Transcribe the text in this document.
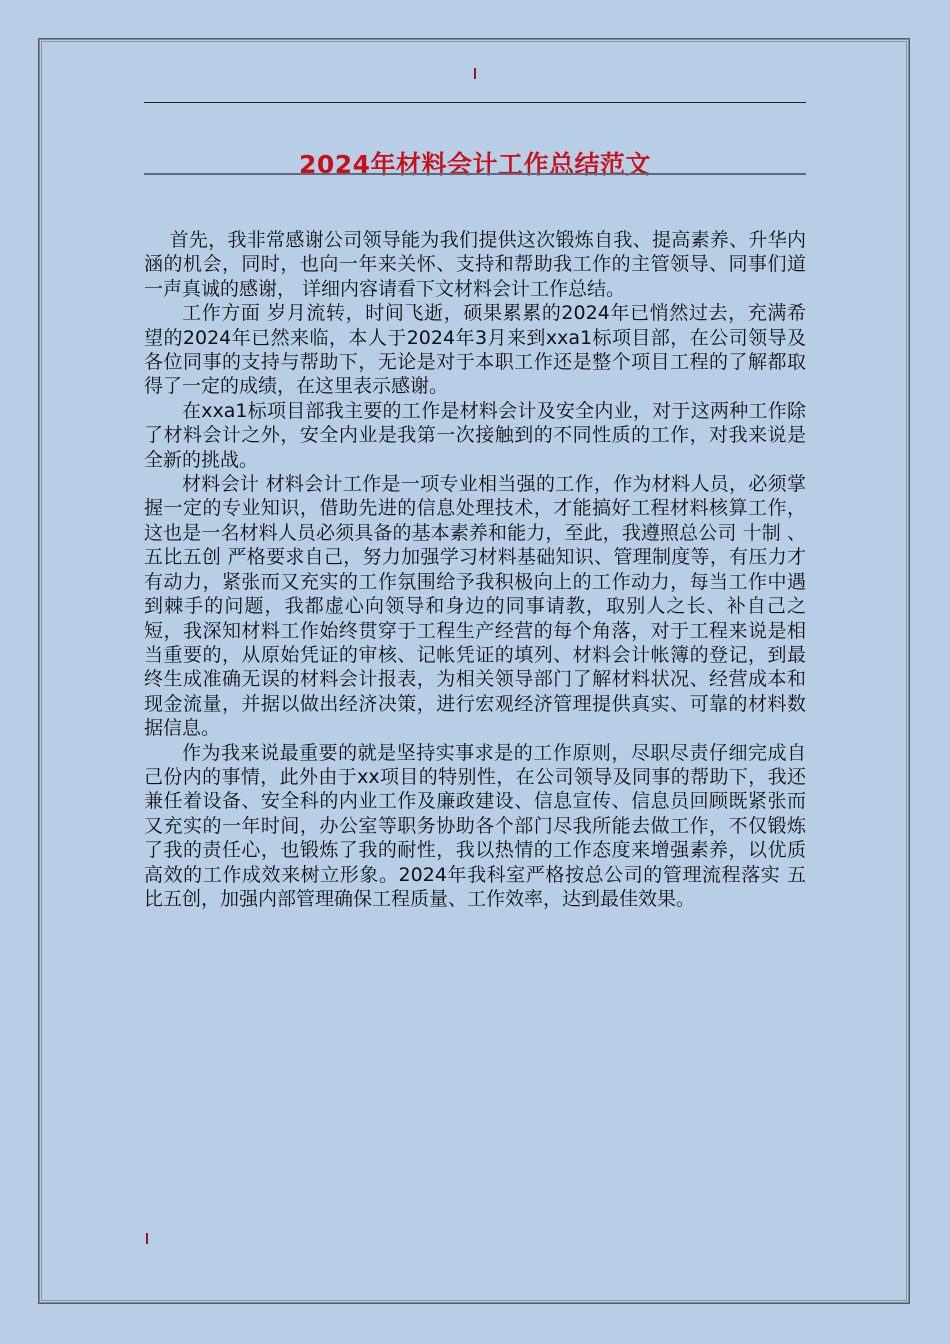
2024年材料会计工作总结范文

首先，我非常感谢公司领导能为我们提供这次锻炼自我、提高素养、升华内涵的机会，同时，也向一年来关怀、支持和帮助我工作的主管领导、同事们道一声真诚的感谢， 详细内容请看下文材料会计工作总结。

工作方面 岁月流转，时间飞逝，硕果累累的2024年已悄然过去，充满希望的2024年已然来临，本人于2024年3月来到xxa1标项目部，在公司领导及各位同事的支持与帮助下，无论是对于本职工作还是整个项目工程的了解都取得了一定的成绩，在这里表示感谢。

在xxa1标项目部我主要的工作是材料会计及安全内业，对于这两种工作除了材料会计之外，安全内业是我第一次接触到的不同性质的工作，对我来说是全新的挑战。

材料会计 材料会计工作是一项专业相当强的工作，作为材料人员，必须掌握一定的专业知识，借助先进的信息处理技术，才能搞好工程材料核算工作，这也是一名材料人员必须具备的基本素养和能力，至此，我遵照总公司 十制 、 五比五创 严格要求自己，努力加强学习材料基础知识、管理制度等，有压力才有动力，紧张而又充实的工作氛围给予我积极向上的工作动力，每当工作中遇到棘手的问题，我都虚心向领导和身边的同事请教，取别人之长、补自己之短，我深知材料工作始终贯穿于工程生产经营的每个角落，对于工程来说是相当重要的，从原始凭证的审核、记帐凭证的填列、材料会计帐簿的登记，到最终生成准确无误的材料会计报表，为相关领导部门了解材料状况、经营成本和现金流量，并据以做出经济决策，进行宏观经济管理提供真实、可靠的材料数据信息。

作为我来说最重要的就是坚持实事求是的工作原则，尽职尽责仔细完成自己份内的事情，此外由于xx项目的特别性，在公司领导及同事的帮助下，我还兼任着设备、安全科的内业工作及廉政建设、信息宣传、信息员回顾既紧张而又充实的一年时间，办公室等职务协助各个部门尽我所能去做工作，不仅锻炼了我的责任心，也锻炼了我的耐性，我以热情的工作态度来增强素养，以优质高效的工作成效来树立形象。2024年我科室严格按总公司的管理流程落实 五比五创，加强内部管理确保工程质量、工作效率，达到最佳效果。
